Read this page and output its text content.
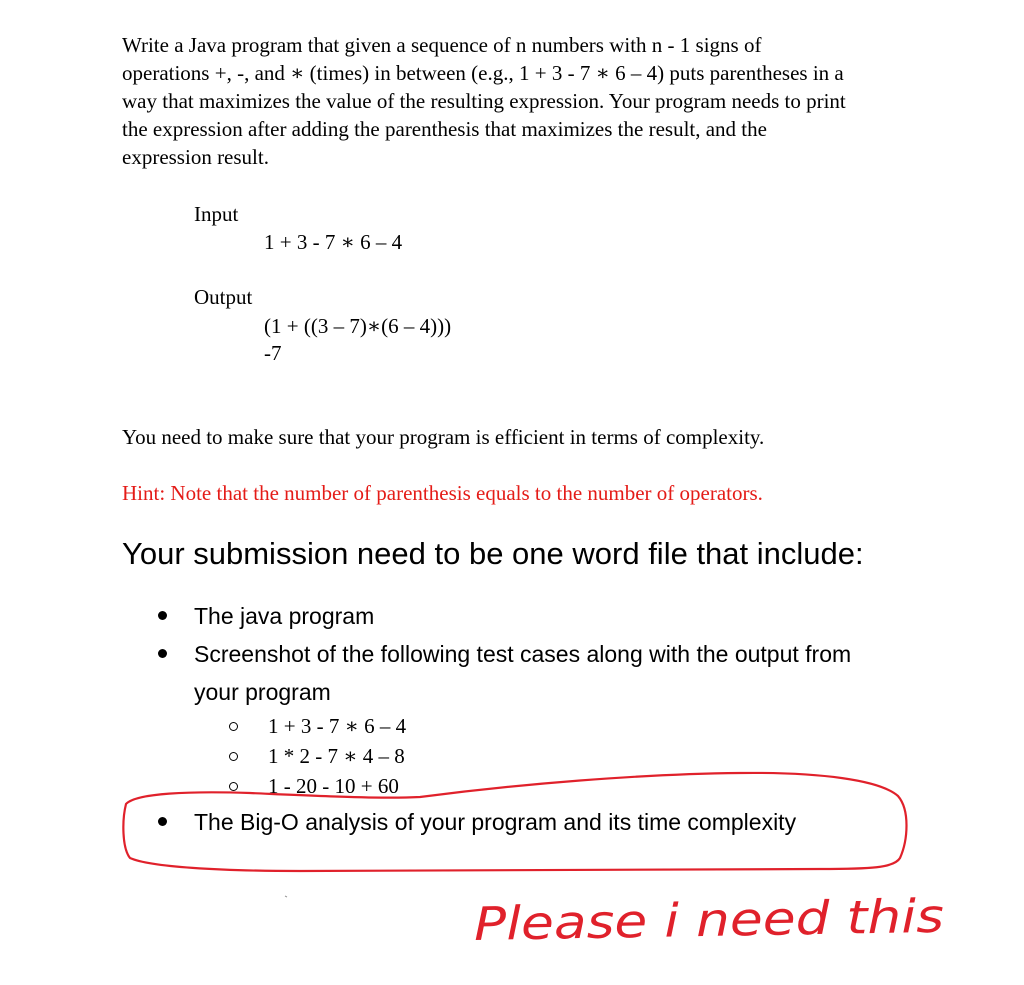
Write a Java program that given a sequence of n numbers with n - 1 signs of
operations +, -, and ∗ (times) in between (e.g., 1 + 3 - 7 ∗ 6 – 4) puts parentheses in a
way that maximizes the value of the resulting expression. Your program needs to print
the expression after adding the parenthesis that maximizes the result, and the
expression result.
Input
1 + 3 - 7 ∗ 6 – 4
Output
(1 + ((3 – 7)∗(6 – 4)))
-7
You need to make sure that your program is efficient in terms of complexity.
Hint: Note that the number of parenthesis equals to the number of operators.
Your submission need to be one word file that include:
The java program
Screenshot of the following test cases along with the output from
your program
1 + 3 - 7 ∗ 6 – 4
1 * 2 - 7 ∗ 4 – 8
1 - 20 - 10 + 60
The Big-O analysis of your program and its time complexity
Please i need this
